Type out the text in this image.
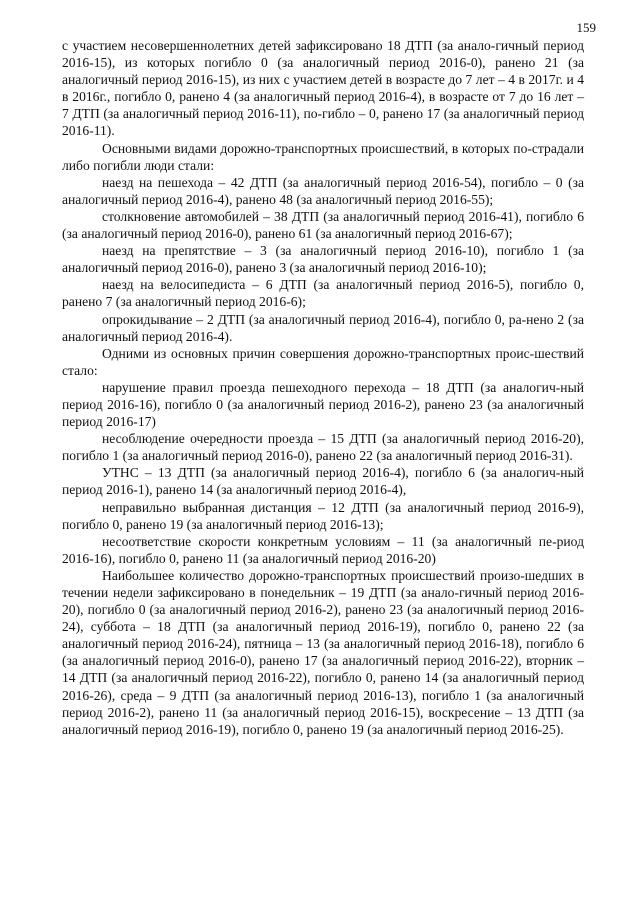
159

с участием несовершеннолетних детей зафиксировано 18 ДТП (за анало-гичный период 2016-15), из которых погибло 0 (за аналогичный период 2016-0), ранено 21 (за аналогичный период 2016-15), из них с участием детей в возрасте до 7 лет – 4 в 2017г. и 4 в 2016г., погибло 0, ранено 4 (за аналогичный период 2016-4), в возрасте от 7 до 16 лет – 7 ДТП (за аналогичный период 2016-11), по-гибло – 0, ранено 17 (за аналогичный период 2016-11).

Основными видами дорожно-транспортных происшествий, в которых по-страдали либо погибли люди стали:

наезд на пешехода – 42 ДТП (за аналогичный период 2016-54), погибло – 0 (за аналогичный период 2016-4), ранено 48 (за аналогичный период 2016-55);

столкновение автомобилей – 38 ДТП (за аналогичный период 2016-41), погибло 6 (за аналогичный период 2016-0), ранено 61 (за аналогичный период 2016-67);

наезд на препятствие – 3 (за аналогичный период 2016-10), погибло 1 (за аналогичный период 2016-0), ранено 3 (за аналогичный период 2016-10);

наезд на велосипедиста – 6 ДТП (за аналогичный период 2016-5), погибло 0, ранено 7 (за аналогичный период 2016-6);

опрокидывание – 2 ДТП (за аналогичный период 2016-4), погибло 0, ра-нено 2 (за аналогичный период 2016-4).

Одними из основных причин совершения дорожно-транспортных проис-шествий стало:

нарушение правил проезда пешеходного перехода – 18 ДТП (за аналогич-ный период 2016-16), погибло 0 (за аналогичный период 2016-2), ранено 23 (за аналогичный период 2016-17)

несоблюдение очередности проезда – 15 ДТП (за аналогичный период 2016-20), погибло 1 (за аналогичный период 2016-0), ранено 22 (за аналогичный период 2016-31).

УТНС – 13 ДТП (за аналогичный период 2016-4), погибло 6 (за аналогич-ный период 2016-1), ранено 14 (за аналогичный период 2016-4),

неправильно выбранная дистанция – 12 ДТП (за аналогичный период 2016-9), погибло 0, ранено 19 (за аналогичный период 2016-13);

несоответствие скорости конкретным условиям – 11 (за аналогичный пе-риод 2016-16), погибло 0, ранено 11 (за аналогичный период 2016-20)

Наибольшее количество дорожно-транспортных происшествий произо-шедших в течении недели зафиксировано в понедельник – 19 ДТП (за анало-гичный период 2016-20), погибло 0 (за аналогичный период 2016-2), ранено 23 (за аналогичный период 2016-24), суббота – 18 ДТП (за аналогичный период 2016-19), погибло 0, ранено 22 (за аналогичный период 2016-24), пятница – 13 (за аналогичный период 2016-18), погибло 6 (за аналогичный период 2016-0), ранено 17 (за аналогичный период 2016-22), вторник – 14 ДТП (за аналогичный период 2016-22), погибло 0, ранено 14 (за аналогичный период 2016-26), среда – 9 ДТП (за аналогичный период 2016-13), погибло 1 (за аналогичный период 2016-2), ранено 11 (за аналогичный период 2016-15), воскресение – 13 ДТП (за аналогичный период 2016-19), погибло 0, ранено 19 (за аналогичный период 2016-25).
